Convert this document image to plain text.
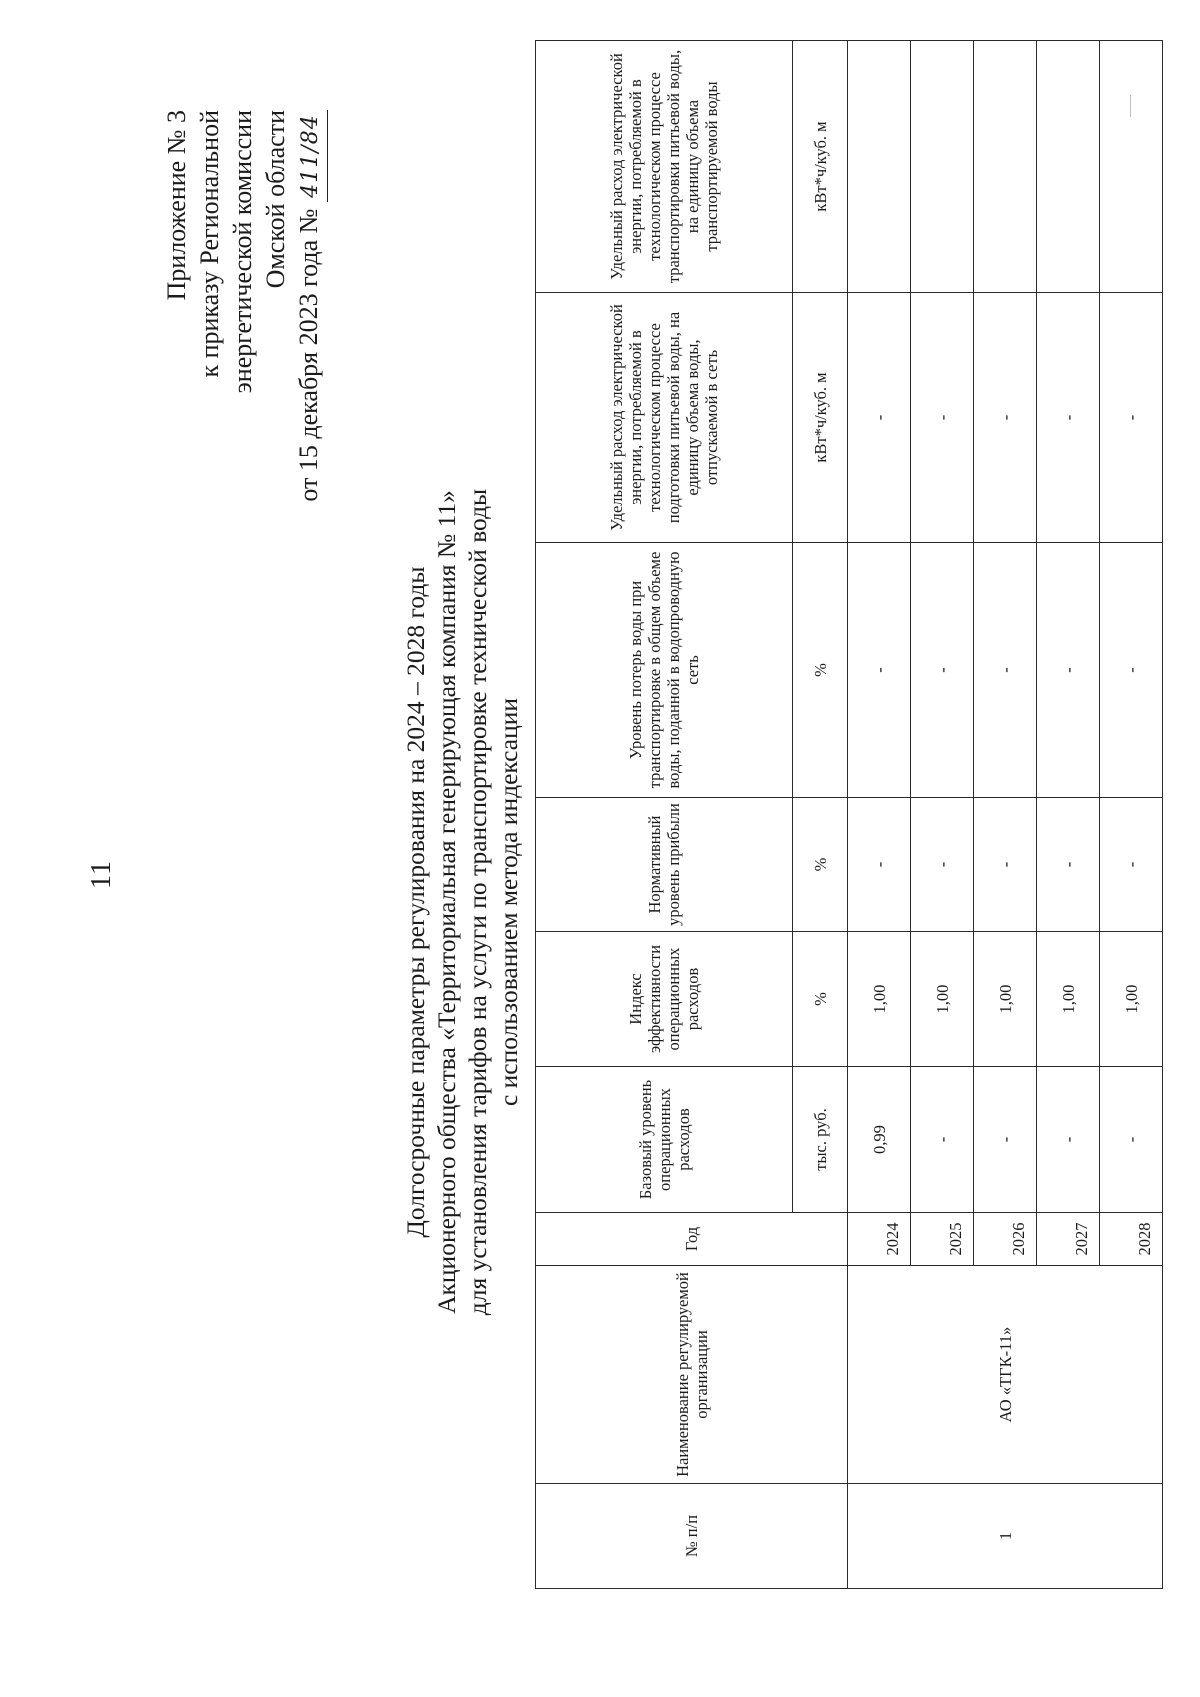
11
Приложение № 3 к приказу Региональной энергетической комиссии Омской области
от 15 декабря 2023 года № 411/84
Долгосрочные параметры регулирования на 2024 – 2028 годы Акционерного общества «Территориальная генерирующая компания № 11» для установления тарифов на услуги по транспортировке технической воды с использованием метода индексации
№ п/п	Наименование регулируемой организации	Год	Базовый уровень операционных расходов	Индекс эффективности операционных расходов	Нормативный уровень прибыли	Уровень потерь воды при транспортировке в общем объеме воды, поданной в водопроводную сеть	Удельный расход электрической энергии, потребляемой в технологическом процессе подготовки питьевой воды, на единицу объема воды, отпускаемой в сеть	Удельный расход электрической энергии, потребляемой в технологическом процессе транспортировки питьевой воды, на единицу объема транспортируемой воды
			тыс. руб.	%	%	%	кВт*ч/куб. м	кВт*ч/куб. м
1	АО «ТГК-11»	2024	0,99	1,00	-	-	-	
		2025	-	1,00	-	-	-	
		2026	-	1,00	-	-	-	
		2027	-	1,00	-	-	-	
		2028	-	1,00	-	-	-	
